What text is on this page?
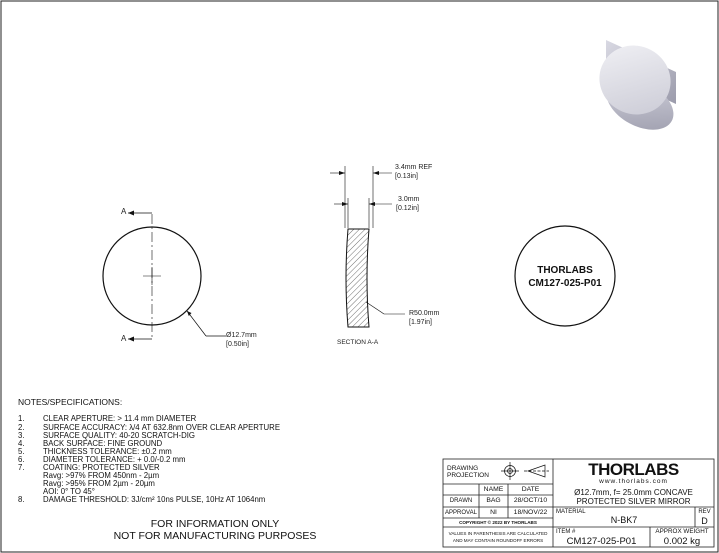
A
A	Ø12.7mm
[0.50in]
3.4mm REF
[0.13in]
3.0mm
[0.12in]
R50.0mm
[1.97in]
SECTION A-A
THORLABS
CM127-025-P01
NOTES/SPECIFICATIONS:
1. CLEAR APERTURE: > 11.4 mm DIAMETER
2. SURFACE ACCURACY: λ/4 AT 632.8nm OVER CLEAR APERTURE
3. SURFACE QUALITY: 40-20 SCRATCH-DIG
4. BACK SURFACE: FINE GROUND
5. THICKNESS TOLERANCE: ±0.2 mm
6. DIAMETER TOLERANCE: + 0.0/-0.2 mm
7. COATING: PROTECTED SILVER
Ravg: >97% FROM 450nm - 2µm
Ravg: >95% FROM 2µm - 20µm
AOI: 0° TO 45°
8. DAMAGE THRESHOLD: 3J/cm² 10ns PULSE, 10Hz AT 1064nm
FOR INFORMATION ONLY
NOT FOR MANUFACTURING PURPOSES
DRAWING PROJECTION
NAME	DATE
DRAWN	BAG	28/OCT/10
APPROVAL	NI	18/NOV/22
COPYRIGHT © 2022 BY THORLABS
VALUES IN PARENTHESIS ARE CALCULATED
AND MAY CONTAIN ROUNDOFF ERRORS
THORLABS
www.thorlabs.com
Ø12.7mm, f= 25.0mm CONCAVE
PROTECTED SILVER MIRROR
MATERIAL
N-BK7
REV
D
ITEM #
CM127-025-P01
APPROX WEIGHT
0.002 kg
